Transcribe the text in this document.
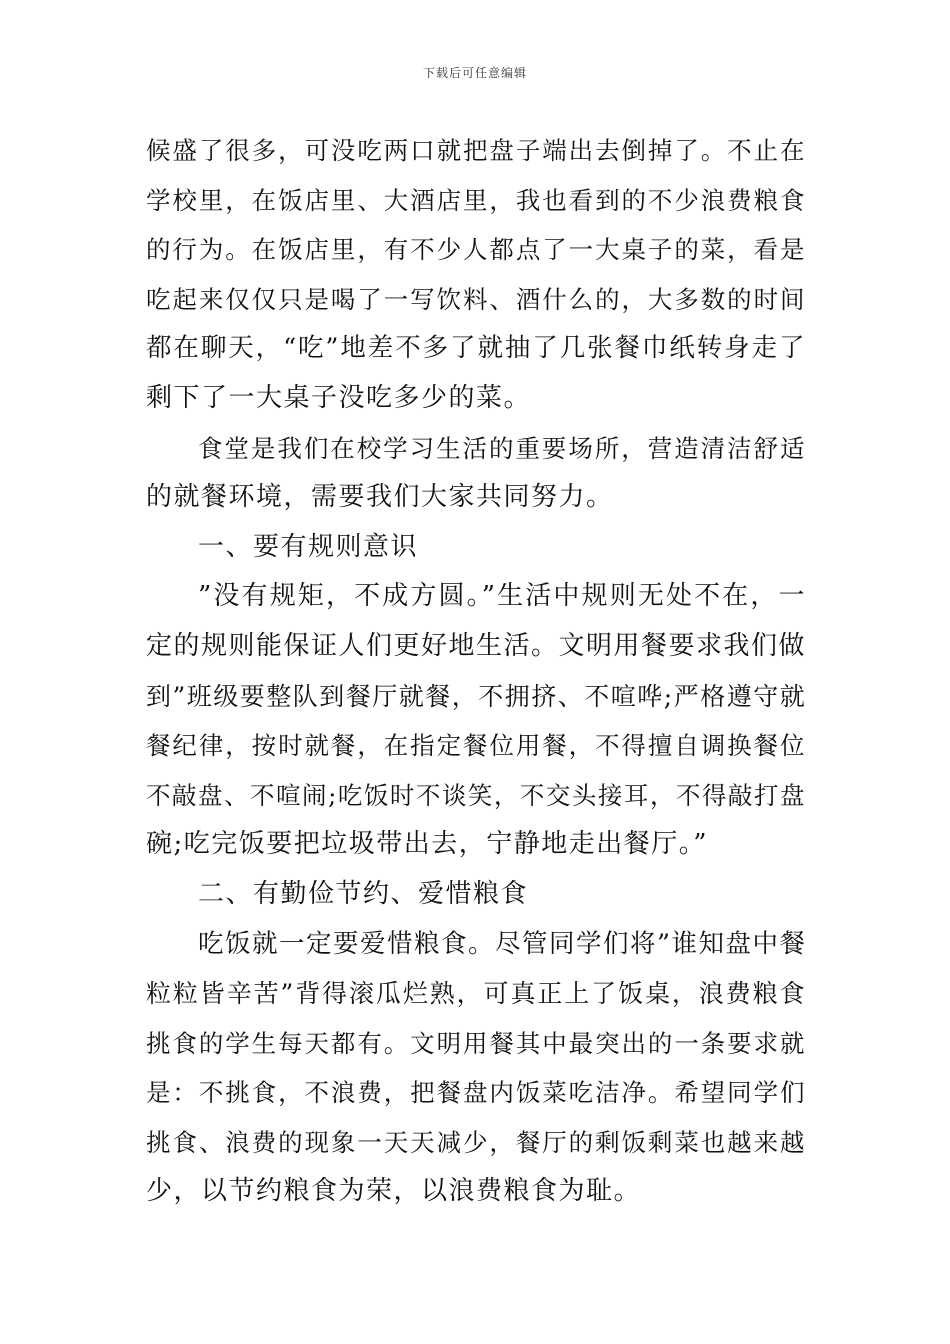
下载后可任意编辑
候盛了很多，可没吃两口就把盘子端出去倒掉了。不止在
学校里，在饭店里、大酒店里，我也看到的不少浪费粮食
的行为。在饭店里，有不少人都点了一大桌子的菜，看是
吃起来仅仅只是喝了一写饮料、酒什么的，大多数的时间
都在聊天，“吃”地差不多了就抽了几张餐巾纸转身走了
剩下了一大桌子没吃多少的菜。
食堂是我们在校学习生活的重要场所，营造清洁舒适
的就餐环境，需要我们大家共同努力。
一、要有规则意识
”没有规矩，不成方圆。”生活中规则无处不在，一
定的规则能保证人们更好地生活。文明用餐要求我们做
到”班级要整队到餐厅就餐，不拥挤、不喧哗;严格遵守就
餐纪律，按时就餐，在指定餐位用餐，不得擅自调换餐位
不敲盘、不喧闹;吃饭时不谈笑，不交头接耳，不得敲打盘
碗;吃完饭要把垃圾带出去，宁静地走出餐厅。”
二、有勤俭节约、爱惜粮食
吃饭就一定要爱惜粮食。尽管同学们将”谁知盘中餐
粒粒皆辛苦”背得滚瓜烂熟，可真正上了饭桌，浪费粮食
挑食的学生每天都有。文明用餐其中最突出的一条要求就
是：不挑食，不浪费，把餐盘内饭菜吃洁净。希望同学们
挑食、浪费的现象一天天减少，餐厅的剩饭剩菜也越来越
少，以节约粮食为荣，以浪费粮食为耻。
